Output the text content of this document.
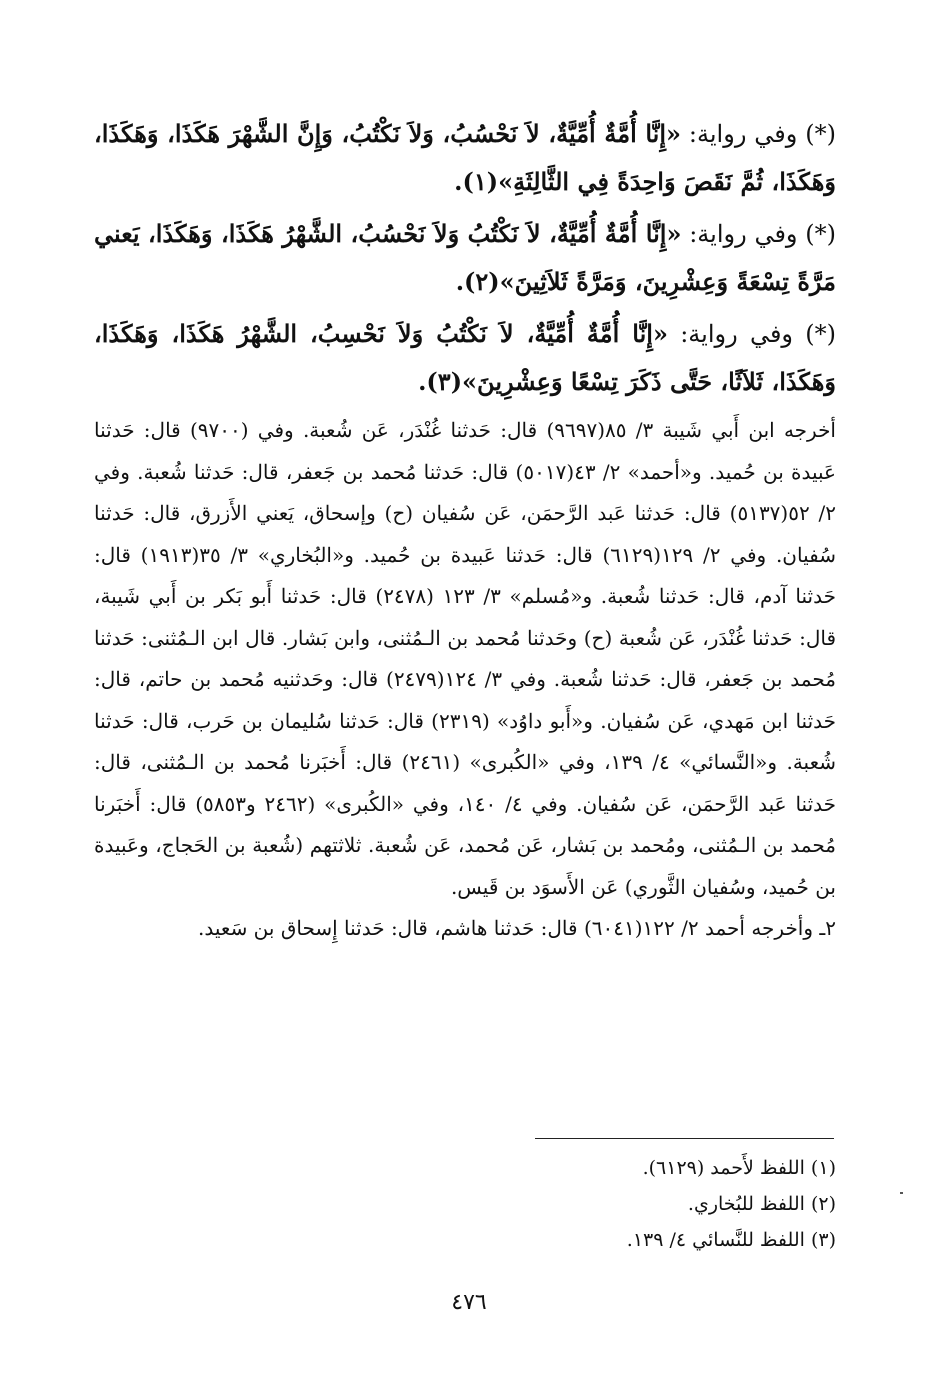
(*) وفي رواية: «إِنَّا أُمَّةٌ أُمِّيَّةٌ، لاَ نَحْسُبُ، وَلاَ نَكْتُبُ، وَإِنَّ الشَّهْرَ هَكَذَا، وَهَكَذَا، وَهَكَذَا، ثُمَّ نَقَصَ وَاحِدَةً فِي الثَّالِثَةِ»(١).

(*) وفي رواية: «إِنَّا أُمَّةٌ أُمِّيَّةٌ، لاَ نَكْتُبُ وَلاَ نَحْسُبُ، الشَّهْرُ هَكَذَا، وَهَكَذَا، يَعني مَرَّةً تِسْعَةً وَعِشْرِينَ، وَمَرَّةً ثَلاَثِينَ»(٢).

(*) وفي رواية: «إِنَّا أُمَّةٌ أُمِّيَّةٌ، لاَ نَكْتُبُ وَلاَ نَحْسِبُ، الشَّهْرُ هَكَذَا، وَهَكَذَا، وَهَكَذَا، ثَلاَثًا، حَتَّى ذَكَرَ تِسْعًا وَعِشْرِينَ»(٣).

أخرجه ابن أَبي شَيبة ٣/ ٨٥(٩٦٩٧) قال: حَدثنا غُنْدَر، عَن شُعبة. وفي (٩٧٠٠) قال: حَدثنا عَبيدة بن حُميد. و«أحمد» ٢/ ٤٣(٥٠١٧) قال: حَدثنا مُحمد بن جَعفر، قال: حَدثنا شُعبة. وفي ٢/ ٥٢(٥١٣٧) قال: حَدثنا عَبد الرَّحمَن، عَن سُفيان (ح) وإسحاق، يَعني الأَزرق، قال: حَدثنا سُفيان. وفي ٢/ ١٢٩(٦١٢٩) قال: حَدثنا عَبيدة بن حُميد. و«البُخاري» ٣/ ٣٥(١٩١٣) قال: حَدثنا آدم، قال: حَدثنا شُعبة. و«مُسلم» ٣/ ١٢٣ (٢٤٧٨) قال: حَدثنا أَبو بَكر بن أَبي شَيبة، قال: حَدثنا غُنْدَر، عَن شُعبة (ح) وحَدثنا مُحمد بن الـمُثنى، وابن بَشار. قال ابن الـمُثنى: حَدثنا مُحمد بن جَعفر، قال: حَدثنا شُعبة. وفي ٣/ ١٢٤(٢٤٧٩) قال: وحَدثنيه مُحمد بن حاتم، قال: حَدثنا ابن مَهدي، عَن سُفيان. و«أَبو داوُد» (٢٣١٩) قال: حَدثنا سُليمان بن حَرب، قال: حَدثنا شُعبة. و«النَّسائي» ٤/ ١٣٩، وفي «الكُبرى» (٢٤٦١) قال: أَخبَرنا مُحمد بن الـمُثنى، قال: حَدثنا عَبد الرَّحمَن، عَن سُفيان. وفي ٤/ ١٤٠، وفي «الكُبرى» (٢٤٦٢ و٥٨٥٣) قال: أَخبَرنا مُحمد بن الـمُثنى، ومُحمد بن بَشار، عَن مُحمد، عَن شُعبة. ثلاثتهم (شُعبة بن الحَجاج، وعَبيدة بن حُميد، وسُفيان الثَّوري) عَن الأَسوَد بن قَيس.

٢ـ وأخرجه أحمد ٢/ ١٢٢(٦٠٤١) قال: حَدثنا هاشم، قال: حَدثنا إِسحاق بن سَعيد.

(١) اللفظ لأَحمد (٦١٢٩).
(٢) اللفظ للبُخاري.
(٣) اللفظ للنَّسائي ٤/ ١٣٩.
٤٧٦
